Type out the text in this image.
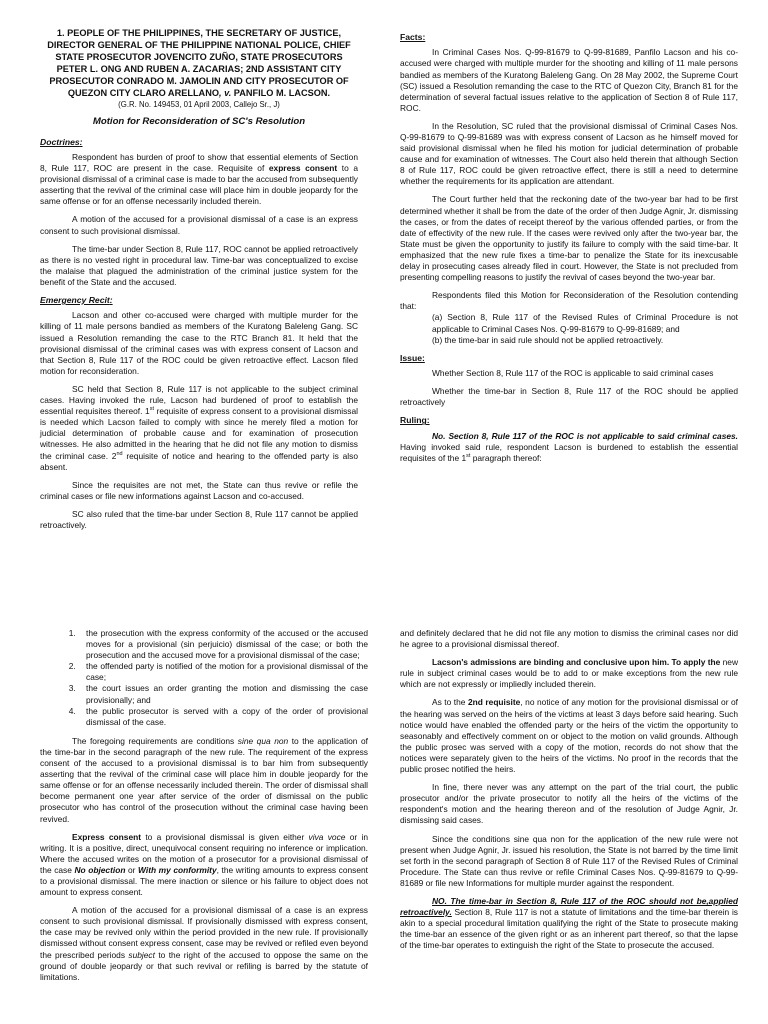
1. PEOPLE OF THE PHILIPPINES, THE SECRETARY OF JUSTICE, DIRECTOR GENERAL OF THE PHILIPPINE NATIONAL POLICE, CHIEF STATE PROSECUTOR JOVENCITO ZUÑO, STATE PROSECUTORS PETER L. ONG AND RUBEN A. ZACARIAS; 2ND ASSISTANT CITY PROSECUTOR CONRADO M. JAMOLIN AND CITY PROSECUTOR OF QUEZON CITY CLARO ARELLANO, v. PANFILO M. LACSON.

(G.R. No. 149453, 01 April 2003, Callejo Sr., J)

Motion for Reconsideration of SC's Resolution

Doctrines:

Respondent has burden of proof to show that essential elements of Section 8, Rule 117, ROC are present in the case. Requisite of express consent to a provisional dismissal of a criminal case is made to bar the accused from subsequently asserting that the revival of the criminal case will place him in double jeopardy for the same offense or for an offense necessarily included therein.

A motion of the accused for a provisional dismissal of a case is an express consent to such provisional dismissal.

The time-bar under Section 8, Rule 117, ROC cannot be applied retroactively as there is no vested right in procedural law. Time-bar was conceptualized to excise the malaise that plagued the administration of the criminal justice system for the benefit of the State and the accused.

Emergency Recit:

Lacson and other co-accused were charged with multiple murder for the killing of 11 male persons bandied as members of the Kuratong Baleleng Gang. SC issued a Resolution remanding the case to the RTC Branch 81. It held that the provisional dismissal of the criminal cases was with express consent of Lacson and that Section 8, Rule 117 of the ROC could be given retroactive effect. Lacson filed motion for reconsideration.

SC held that Section 8, Rule 117 is not applicable to the subject criminal cases. Having invoked the rule, Lacson had burdened of proof to establish the essential requisites thereof. 1st requisite of express consent to a provisional dismissal is needed which Lacson failed to comply with since he merely filed a motion for judicial determination of probable cause and for examination of prosecution witnesses. He also admitted in the hearing that he did not file any motion to dismiss the criminal case. 2nd requisite of notice and hearing to the offended party is also absent.

Since the requisites are not met, the State can thus revive or refile the criminal cases or file new informations against Lacson and co-accused.

SC also ruled that the time-bar under Section 8, Rule 117 cannot be applied retroactively.

Facts:

In Criminal Cases Nos. Q-99-81679 to Q-99-81689, Panfilo Lacson and his co-accused were charged with multiple murder for the shooting and killing of 11 male persons bandied as members of the Kuratong Baleleng Gang. On 28 May 2002, the Supreme Court (SC) issued a Resolution remanding the case to the RTC of Quezon City, Branch 81 for the determination of several factual issues relative to the application of Section 8 of Rule 117, ROC.

In the Resolution, SC ruled that the provisional dismissal of Criminal Cases Nos. Q-99-81679 to Q-99-81689 was with express consent of Lacson as he himself moved for said provisional dismissal when he filed his motion for judicial determination of probable cause and for examination of witnesses. The Court also held therein that although Section 8 of Rule 117, ROC could be given retroactive effect, there is still a need to determine whether the requirements for its application are attendant.

The Court further held that the reckoning date of the two-year bar had to be first determined whether it shall be from the date of the order of then Judge Agnir, Jr. dismissing the cases, or from the dates of receipt thereof by the various offended parties, or from the date of effectivity of the new rule. If the cases were revived only after the two-year bar, the State must be given the opportunity to justify its failure to comply with the said time-bar. It emphasized that the new rule fixes a time-bar to penalize the State for its inexcusable delay in prosecuting cases already filed in court. However, the State is not precluded from presenting compelling reasons to justify the revival of cases beyond the two-year bar.

Respondents filed this Motion for Reconsideration of the Resolution contending that:

(a) Section 8, Rule 117 of the Revised Rules of Criminal Procedure is not applicable to Criminal Cases Nos. Q-99-81679 to Q-99-81689; and

(b) the time-bar in said rule should not be applied retroactively.

Issue:

Whether Section 8, Rule 117 of the ROC is applicable to said criminal cases

Whether the time-bar in Section 8, Rule 117 of the ROC should be applied retroactively

Ruling:

No. Section 8, Rule 117 of the ROC is not applicable to said criminal cases. Having invoked said rule, respondent Lacson is burdened to establish the essential requisites of the 1st paragraph thereof:

1. the prosecution with the express conformity of the accused or the accused moves for a provisional (sin perjuicio) dismissal of the case; or both the prosecution and the accused move for a provisional dismissal of the case;
2. the offended party is notified of the motion for a provisional dismissal of the case;
3. the court issues an order granting the motion and dismissing the case provisionally; and
4. the public prosecutor is served with a copy of the order of provisional dismissal of the case.

The foregoing requirements are conditions sine qua non to the application of the time-bar in the second paragraph of the new rule. The requirement of the express consent of the accused to a provisional dismissal is to bar him from subsequently asserting that the revival of the criminal case will place him in double jeopardy for the same offense or for an offense necessarily included therein. The order of dismissal shall become permanent one year after service of the order of dismissal on the public prosecutor who has control of the prosecution without the criminal case having been revived.

Express consent to a provisional dismissal is given either viva voce or in writing. It is a positive, direct, unequivocal consent requiring no inference or implication. Where the accused writes on the motion of a prosecutor for a provisional dismissal of the case No objection or With my conformity, the writing amounts to express consent to a provisional dismissal. The mere inaction or silence or his failure to object does not amount to express consent.

A motion of the accused for a provisional dismissal of a case is an express consent to such provisional dismissal. If provisionally dismissed with express consent, the case may be revived only within the period provided in the new rule. If provisionally dismissed without consent express consent, case may be revived or refiled even beyond the prescribed periods subject to the right of the accused to oppose the same on the ground of double jeopardy or that such revival or refiling is barred by the statute of limitations.

and definitely declared that he did not file any motion to dismiss the criminal cases nor did he agree to a provisional dismissal thereof.

Lacson's admissions are binding and conclusive upon him. To apply the new rule in subject criminal cases would be to add to or make exceptions from the new rule which are not expressly or impliedly included therein.

As to the 2nd requisite, no notice of any motion for the provisional dismissal or of the hearing was served on the heirs of the victims at least 3 days before said hearing. Such notice would have enabled the offended party or the heirs of the victim the opportunity to seasonably and effectively comment on or object to the motion on valid grounds. Although the public prosec was served with a copy of the motion, records do not show that the notices were separately given to the heirs of the victims. No proof in the records that the public prosec notified the heirs.

In fine, there never was any attempt on the part of the trial court, the public prosecutor and/or the private prosecutor to notify all the heirs of the victims of the respondent's motion and the hearing thereon and of the resolution of Judge Agnir, Jr. dismissing said cases.

Since the conditions sine qua non for the application of the new rule were not present when Judge Agnir, Jr. issued his resolution, the State is not barred by the time limit set forth in the second paragraph of Section 8 of Rule 117 of the Revised Rules of Criminal Procedure. The State can thus revive or refile Criminal Cases Nos. Q-99-81679 to Q-99-81689 or file new Informations for multiple murder against the respondent.

NO. The time-bar in Section 8, Rule 117 of the ROC should not be,applied retroactively. Section 8, Rule 117 is not a statute of limitations and the time-bar therein is akin to a special procedural limitation qualifying the right of the State to prosecute making the time-bar an essence of the given right or as an inherent part thereof, so that the lapse of the time-bar operates to extinguish the right of the State to prosecute the accused.
